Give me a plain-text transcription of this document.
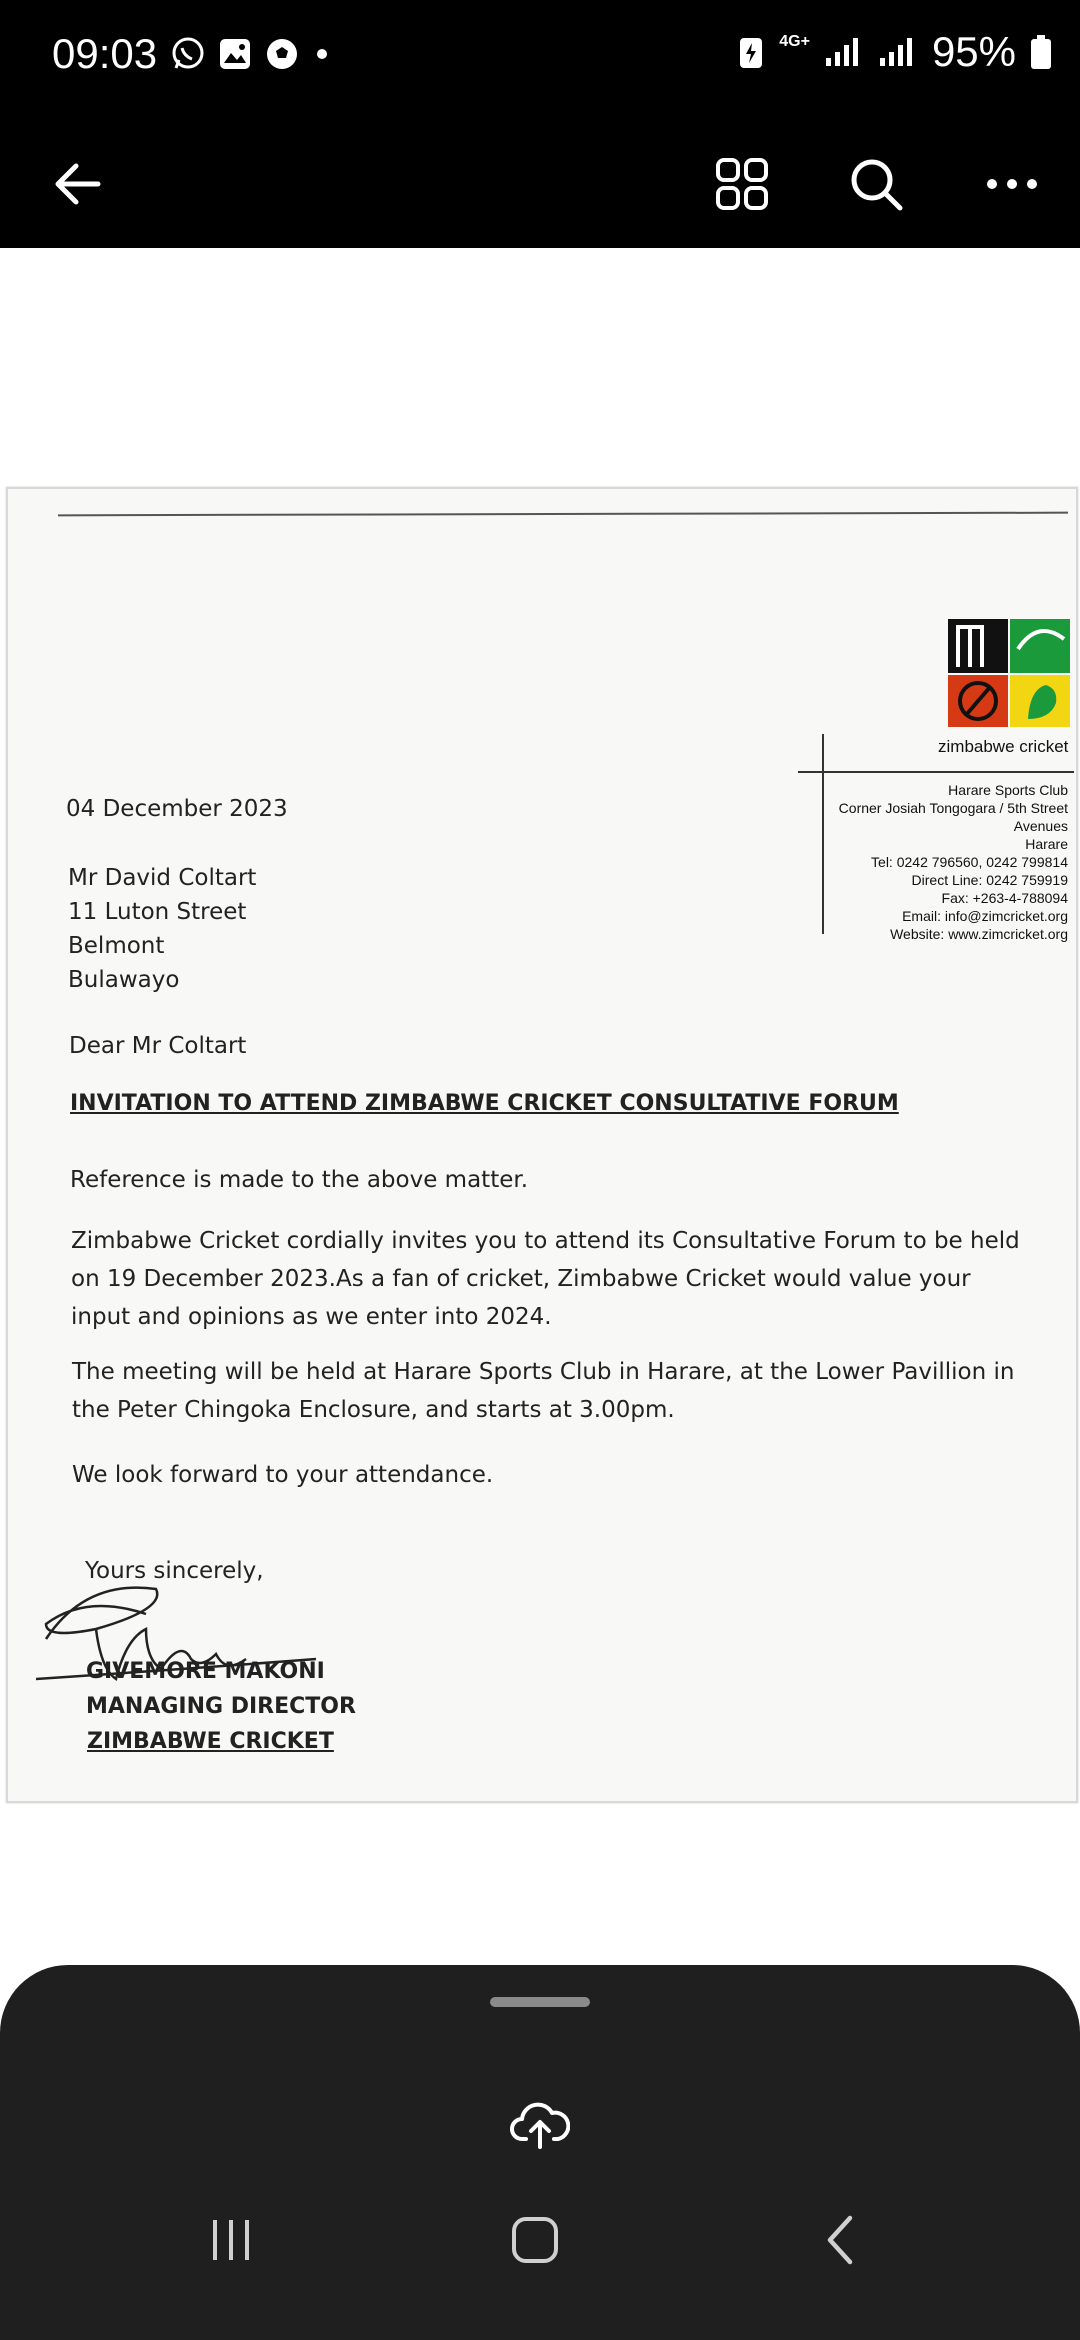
09:03	4G+	95%
zimbabwe cricket
Harare Sports Club
Corner Josiah Tongogara / 5th Street
Avenues
Harare
Tel: 0242 796560, 0242 799814
Direct Line: 0242 759919
Fax: +263-4-788094
Email: info@zimcricket.org
Website: www.zimcricket.org
04 December 2023
Mr David Coltart
11 Luton Street
Belmont
Bulawayo
Dear Mr Coltart
INVITATION TO ATTEND ZIMBABWE CRICKET CONSULTATIVE FORUM
Reference is made to the above matter.
Zimbabwe Cricket cordially invites you to attend its Consultative Forum to be held on 19 December 2023.As a fan of cricket, Zimbabwe Cricket would value your input and opinions as we enter into 2024.
The meeting will be held at Harare Sports Club in Harare, at the Lower Pavillion in the Peter Chingoka Enclosure, and starts at 3.00pm.
We look forward to your attendance.
Yours sincerely,
GIVEMORE MAKONI
MANAGING DIRECTOR
ZIMBABWE CRICKET
